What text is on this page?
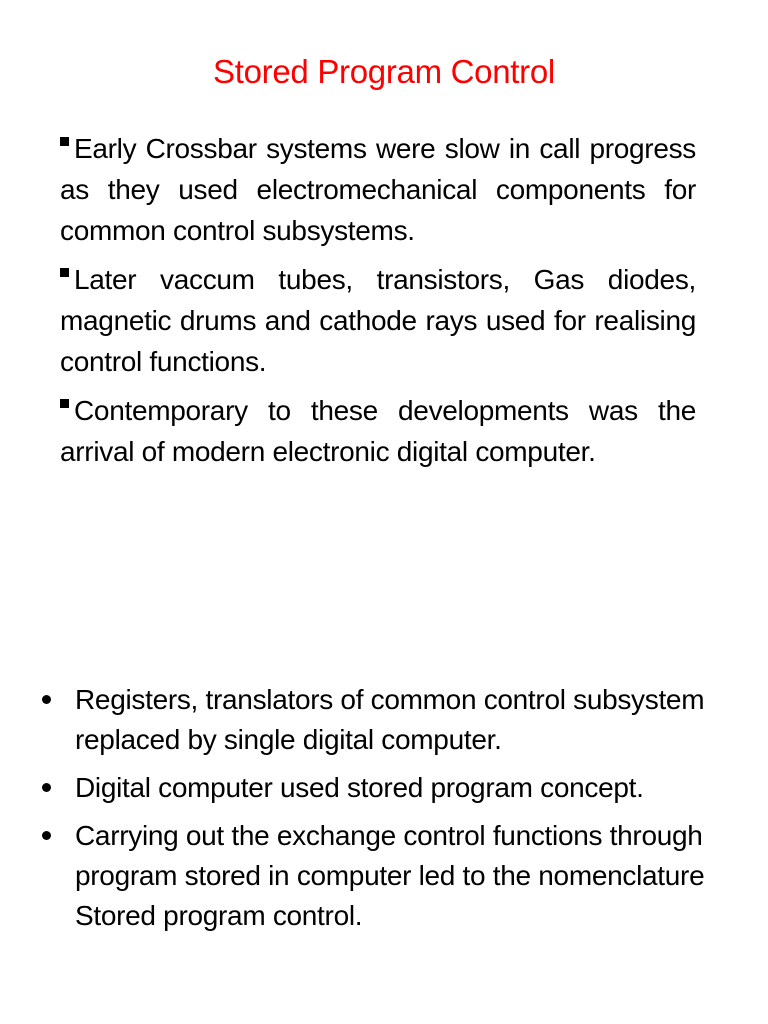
Stored Program Control
Early Crossbar systems were slow in call progress as they used electromechanical components for common control subsystems.
Later vaccum tubes, transistors, Gas diodes, magnetic drums and cathode rays used for realising control functions.
Contemporary to these developments was the arrival of modern electronic digital computer.
Registers, translators of common control subsystem replaced by single digital computer.
Digital computer used stored program concept.
Carrying out the exchange control functions through program stored in computer led to the nomenclature Stored program control.
